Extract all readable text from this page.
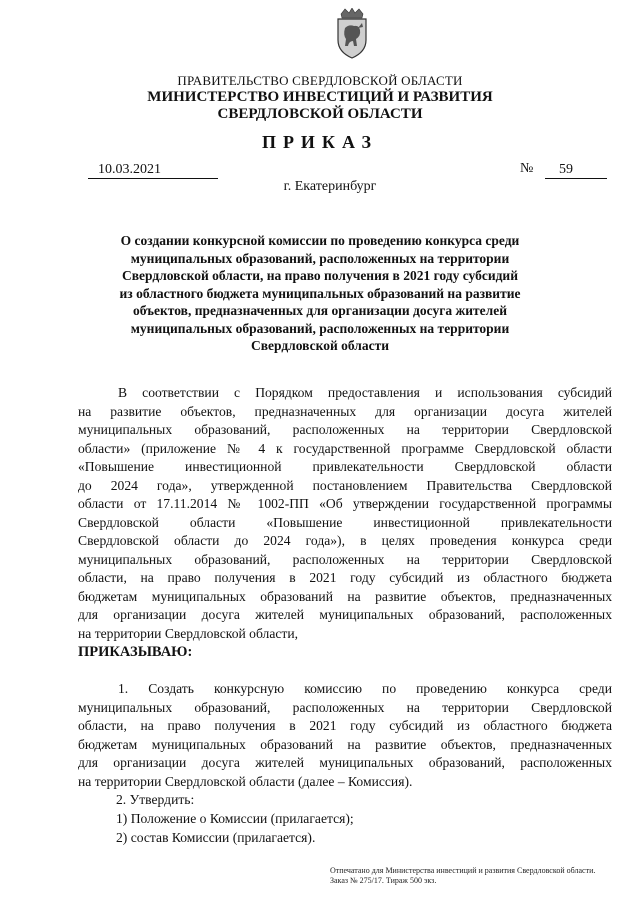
ПРАВИТЕЛЬСТВО СВЕРДЛОВСКОЙ ОБЛАСТИ
МИНИСТЕРСТВО ИНВЕСТИЦИЙ И РАЗВИТИЯ
СВЕРДЛОВСКОЙ ОБЛАСТИ
ПРИКАЗ
10.03.2021	№	59
г. Екатеринбург
О создании конкурсной комиссии по проведению конкурса среди
муниципальных образований, расположенных на территории
Свердловской области, на право получения в 2021 году субсидий
из областного бюджета муниципальных образований на развитие
объектов, предназначенных для организации досуга жителей
муниципальных образований, расположенных на территории
Свердловской области
В соответствии с Порядком предоставления и использования субсидий
на развитие объектов, предназначенных для организации досуга жителей
муниципальных образований, расположенных на территории Свердловской
области» (приложение № 4 к государственной программе Свердловской области
«Повышение инвестиционной привлекательности Свердловской области
до 2024 года», утвержденной постановлением Правительства Свердловской
области от 17.11.2014 № 1002-ПП «Об утверждении государственной программы
Свердловской области «Повышение инвестиционной привлекательности
Свердловской области до 2024 года»), в целях проведения конкурса среди
муниципальных образований, расположенных на территории Свердловской
области, на право получения в 2021 году субсидий из областного бюджета
бюджетам муниципальных образований на развитие объектов, предназначенных
для организации досуга жителей муниципальных образований, расположенных
на территории Свердловской области,
ПРИКАЗЫВАЮ:
1. Создать конкурсную комиссию по проведению конкурса среди
муниципальных образований, расположенных на территории Свердловской
области, на право получения в 2021 году субсидий из областного бюджета
бюджетам муниципальных образований на развитие объектов, предназначенных
для организации досуга жителей муниципальных образований, расположенных
на территории Свердловской области (далее – Комиссия).
2. Утвердить:
1) Положение о Комиссии (прилагается);
2) состав Комиссии (прилагается).
Отпечатано для Министерства инвестиций и развития Свердловской области.
Заказ № 275/17. Тираж 500 экз.
